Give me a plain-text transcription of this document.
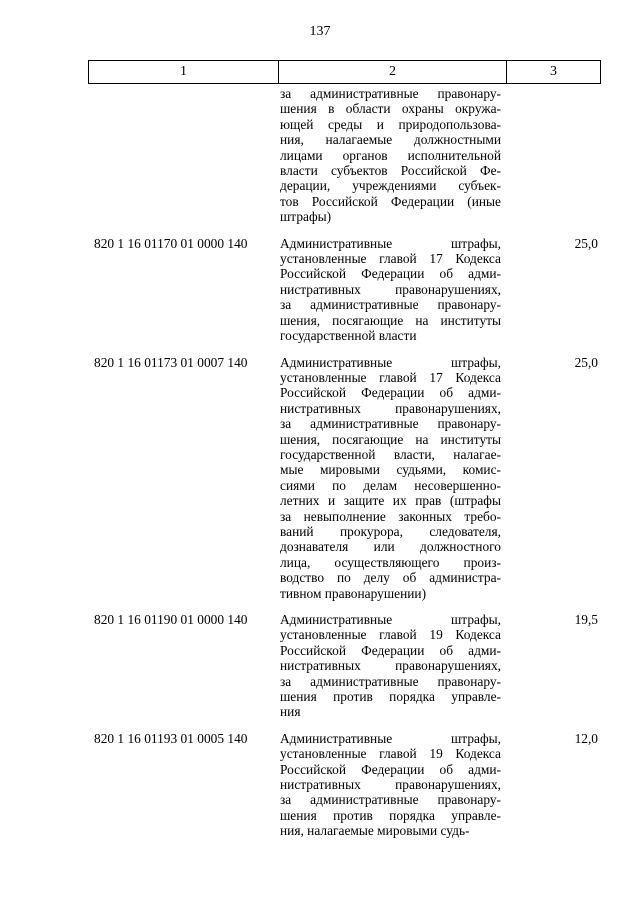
137
1	2	3
за административные правонару-
шения в области охраны окружа-
ющей среды и природопользова-
ния, налагаемые должностными
лицами органов исполнительной
власти субъектов Российской Фе-
дерации, учреждениями субъек-
тов Российской Федерации (иные
штрафы)
820 1 16 01170 01 0000 140 Административные штрафы,
установленные главой 17 Кодекса
Российской Федерации об адми-
нистративных правонарушениях,
за административные правонару-
шения, посягающие на институты
государственной власти
25,0
820 1 16 01173 01 0007 140 Административные штрафы,
установленные главой 17 Кодекса
Российской Федерации об адми-
нистративных правонарушениях,
за административные правонару-
шения, посягающие на институты
государственной власти, налагае-
мые мировыми судьями, комис-
сиями по делам несовершенно-
летних и защите их прав (штрафы
за невыполнение законных требо-
ваний прокурора, следователя,
дознавателя или должностного
лица, осуществляющего произ-
водство по делу об администра-
тивном правонарушении)
25,0
820 1 16 01190 01 0000 140 Административные штрафы,
установленные главой 19 Кодекса
Российской Федерации об адми-
нистративных правонарушениях,
за административные правонару-
шения против порядка управле-
ния
19,5
820 1 16 01193 01 0005 140 Административные штрафы,
установленные главой 19 Кодекса
Российской Федерации об адми-
нистративных правонарушениях,
за административные правонару-
шения против порядка управле-
ния, налагаемые мировыми судь-
12,0
